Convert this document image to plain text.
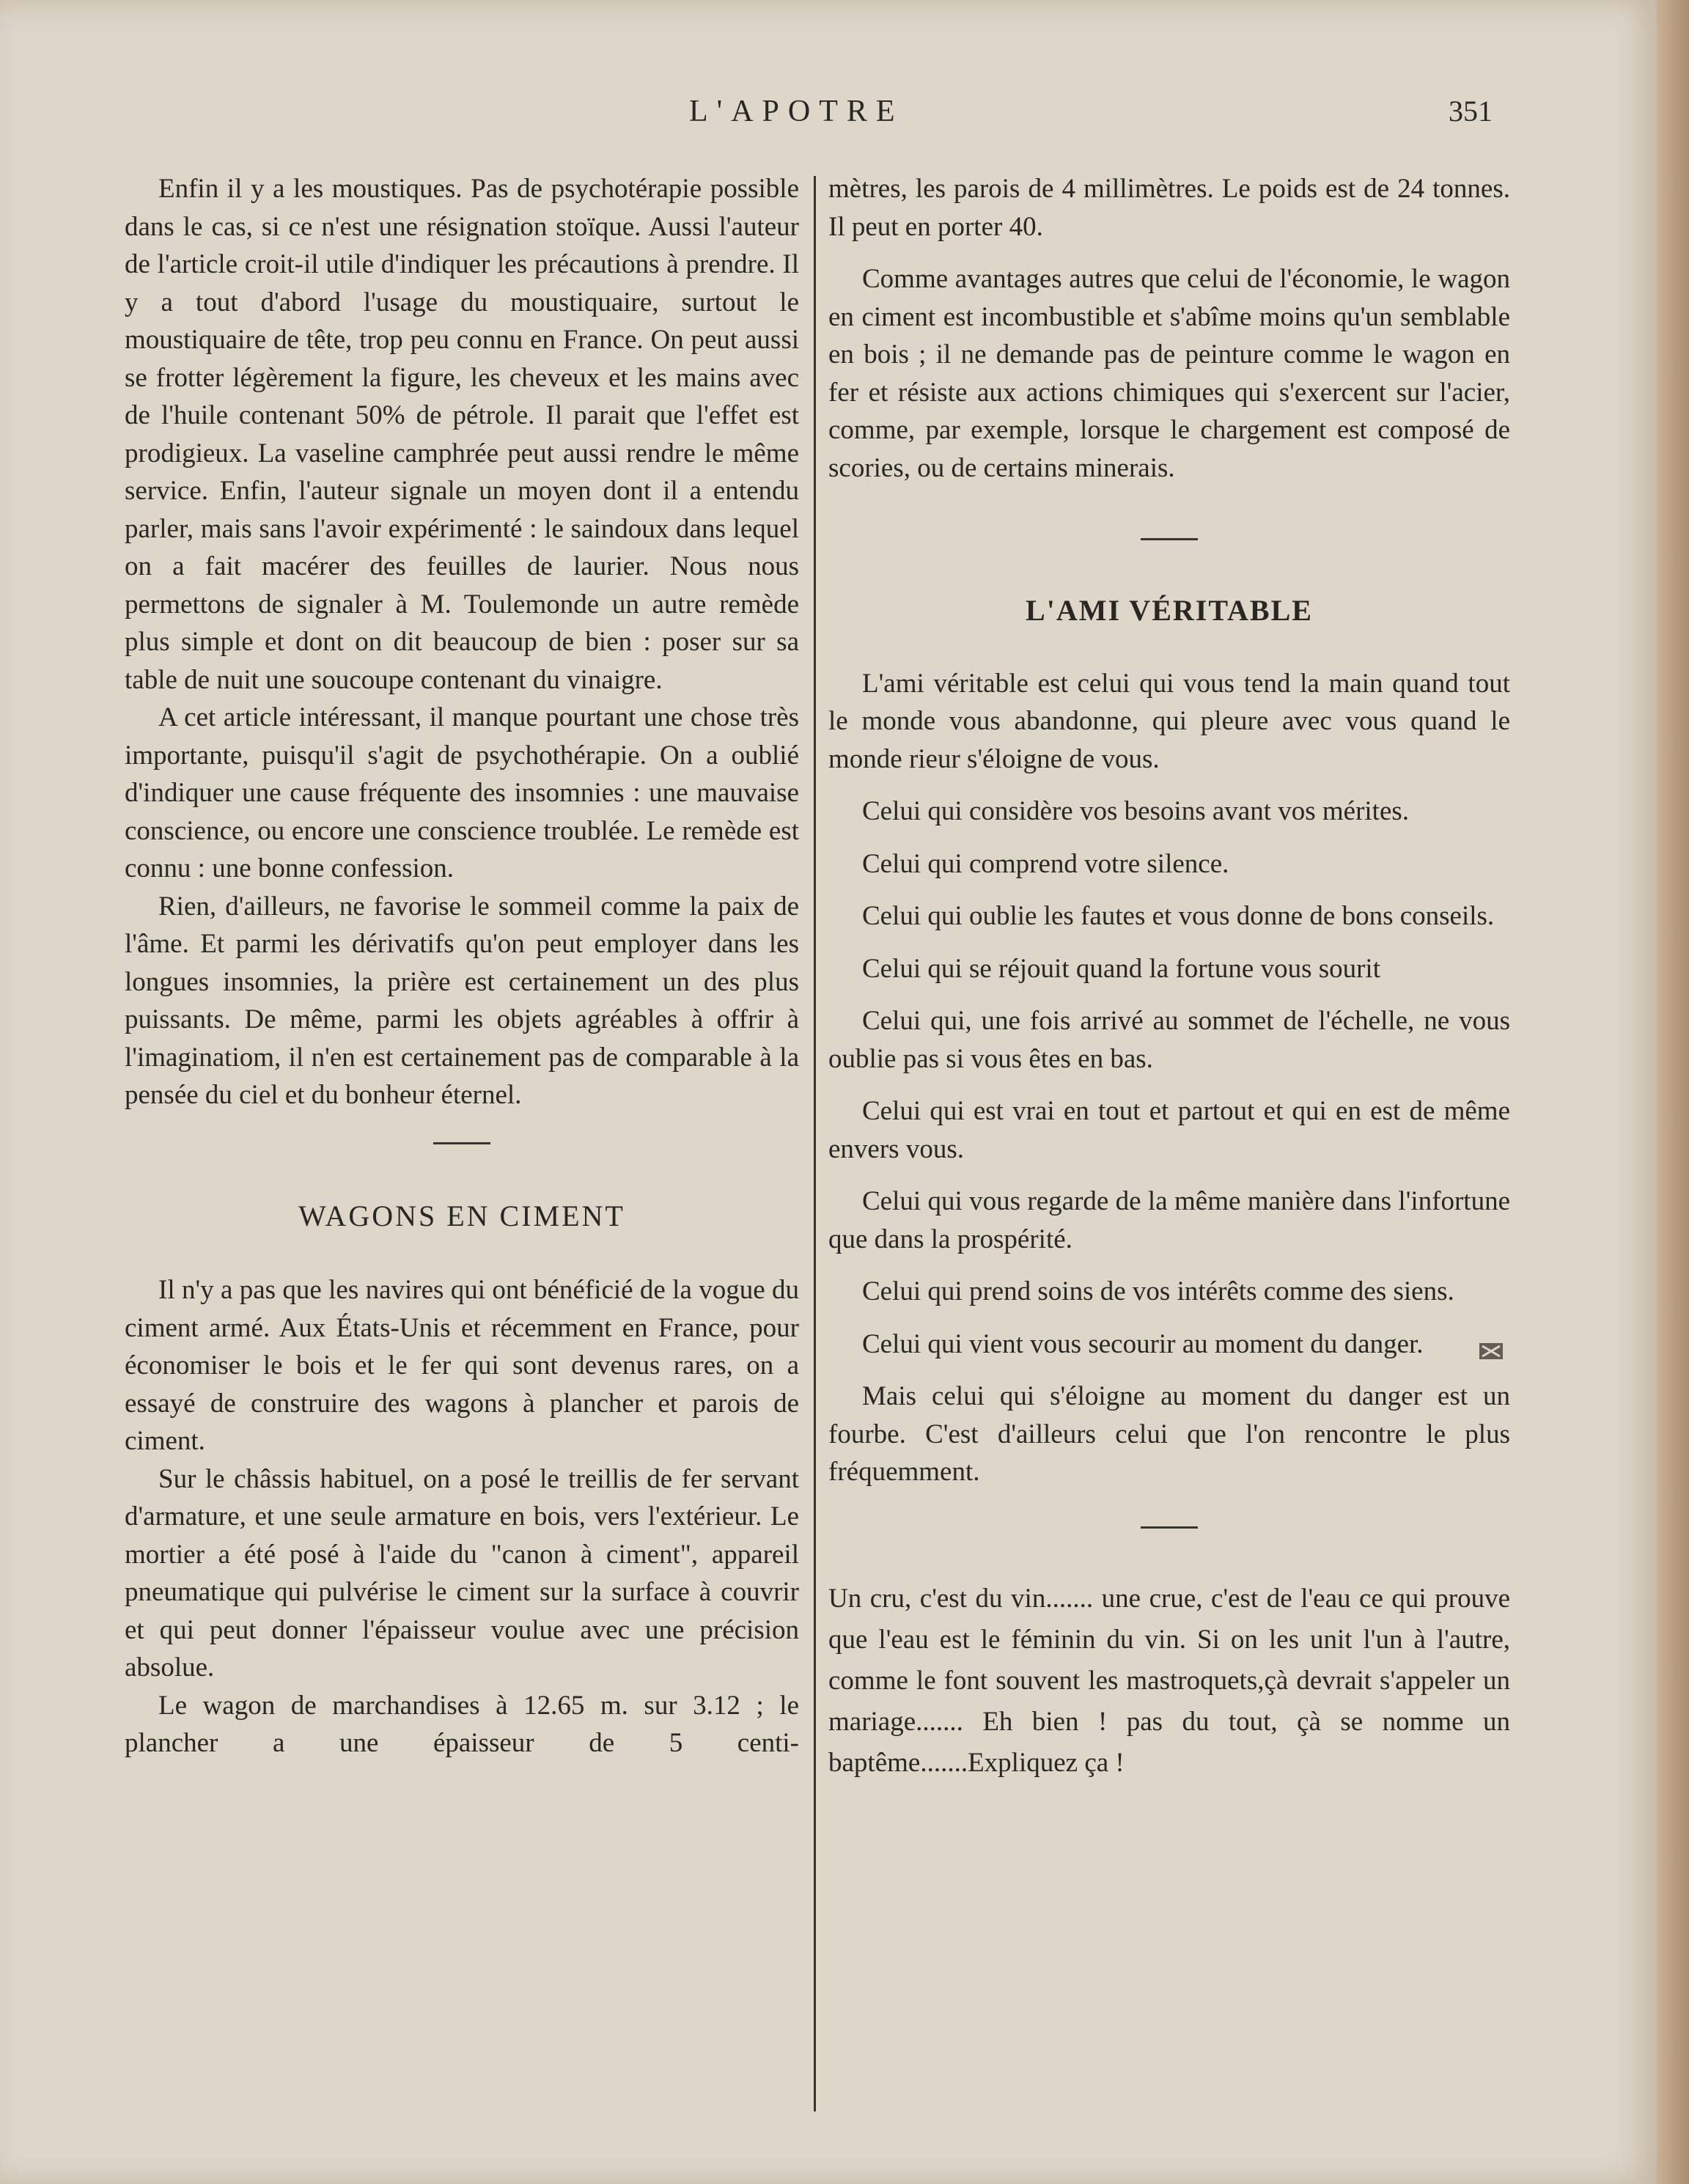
L'APOTRE	351

Enfin il y a les moustiques. Pas de psychotérapie possible dans le cas, si ce n'est une résignation stoïque. Aussi l'auteur de l'article croit-il utile d'indiquer les précautions à prendre. Il y a tout d'abord l'usage du moustiquaire, surtout le moustiquaire de tête, trop peu connu en France. On peut aussi se frotter légèrement la figure, les cheveux et les mains avec de l'huile contenant 50% de pétrole. Il parait que l'effet est prodigieux. La vaseline camphrée peut aussi rendre le même service. Enfin, l'auteur signale un moyen dont il a entendu parler, mais sans l'avoir expérimenté : le saindoux dans lequel on a fait macérer des feuilles de laurier. Nous nous permettons de signaler à M. Toulemonde un autre remède plus simple et dont on dit beaucoup de bien : poser sur sa table de nuit une soucoupe contenant du vinaigre.

A cet article intéressant, il manque pourtant une chose très importante, puisqu'il s'agit de psychothérapie. On a oublié d'indiquer une cause fréquente des insomnies : une mauvaise conscience, ou encore une conscience troublée. Le remède est connu : une bonne confession.

Rien, d'ailleurs, ne favorise le sommeil comme la paix de l'âme. Et parmi les dérivatifs qu'on peut employer dans les longues insomnies, la prière est certainement un des plus puissants. De même, parmi les objets agréables à offrir à l'imaginatiom, il n'en est certainement pas de comparable à la pensée du ciel et du bonheur éternel.

WAGONS EN CIMENT

Il n'y a pas que les navires qui ont bénéficié de la vogue du ciment armé. Aux États-Unis et récemment en France, pour économiser le bois et le fer qui sont devenus rares, on a essayé de construire des wagons à plancher et parois de ciment.

Sur le châssis habituel, on a posé le treillis de fer servant d'armature, et une seule armature en bois, vers l'extérieur. Le mortier a été posé à l'aide du "canon à ciment", appareil pneumatique qui pulvérise le ciment sur la surface à couvrir et qui peut donner l'épaisseur voulue avec une précision absolue.

Le wagon de marchandises à 12.65 m. sur 3.12 ; le plancher a une épaisseur de 5 centi-

mètres, les parois de 4 millimètres. Le poids est de 24 tonnes. Il peut en porter 40.

Comme avantages autres que celui de l'économie, le wagon en ciment est incombustible et s'abîme moins qu'un semblable en bois ; il ne demande pas de peinture comme le wagon en fer et résiste aux actions chimiques qui s'exercent sur l'acier, comme, par exemple, lorsque le chargement est composé de scories, ou de certains minerais.

L'AMI VÉRITABLE

L'ami véritable est celui qui vous tend la main quand tout le monde vous abandonne, qui pleure avec vous quand le monde rieur s'éloigne de vous.

Celui qui considère vos besoins avant vos mérites.

Celui qui comprend votre silence.

Celui qui oublie les fautes et vous donne de bons conseils.

Celui qui se réjouit quand la fortune vous sourit

Celui qui, une fois arrivé au sommet de l'échelle, ne vous oublie pas si vous êtes en bas.

Celui qui est vrai en tout et partout et qui en est de même envers vous.

Celui qui vous regarde de la même manière dans l'infortune que dans la prospérité.

Celui qui prend soins de vos intérêts comme des siens.

Celui qui vient vous secourir au moment du danger.

Mais celui qui s'éloigne au moment du danger est un fourbe. C'est d'ailleurs celui que l'on rencontre le plus fréquemment.

Un cru, c'est du vin....... une crue, c'est de l'eau ce qui prouve que l'eau est le féminin du vin. Si on les unit l'un à l'autre, comme le font souvent les mastroquets,çà devrait s'appeler un mariage....... Eh bien ! pas du tout, çà se nomme un baptême.......Expliquez ça !
